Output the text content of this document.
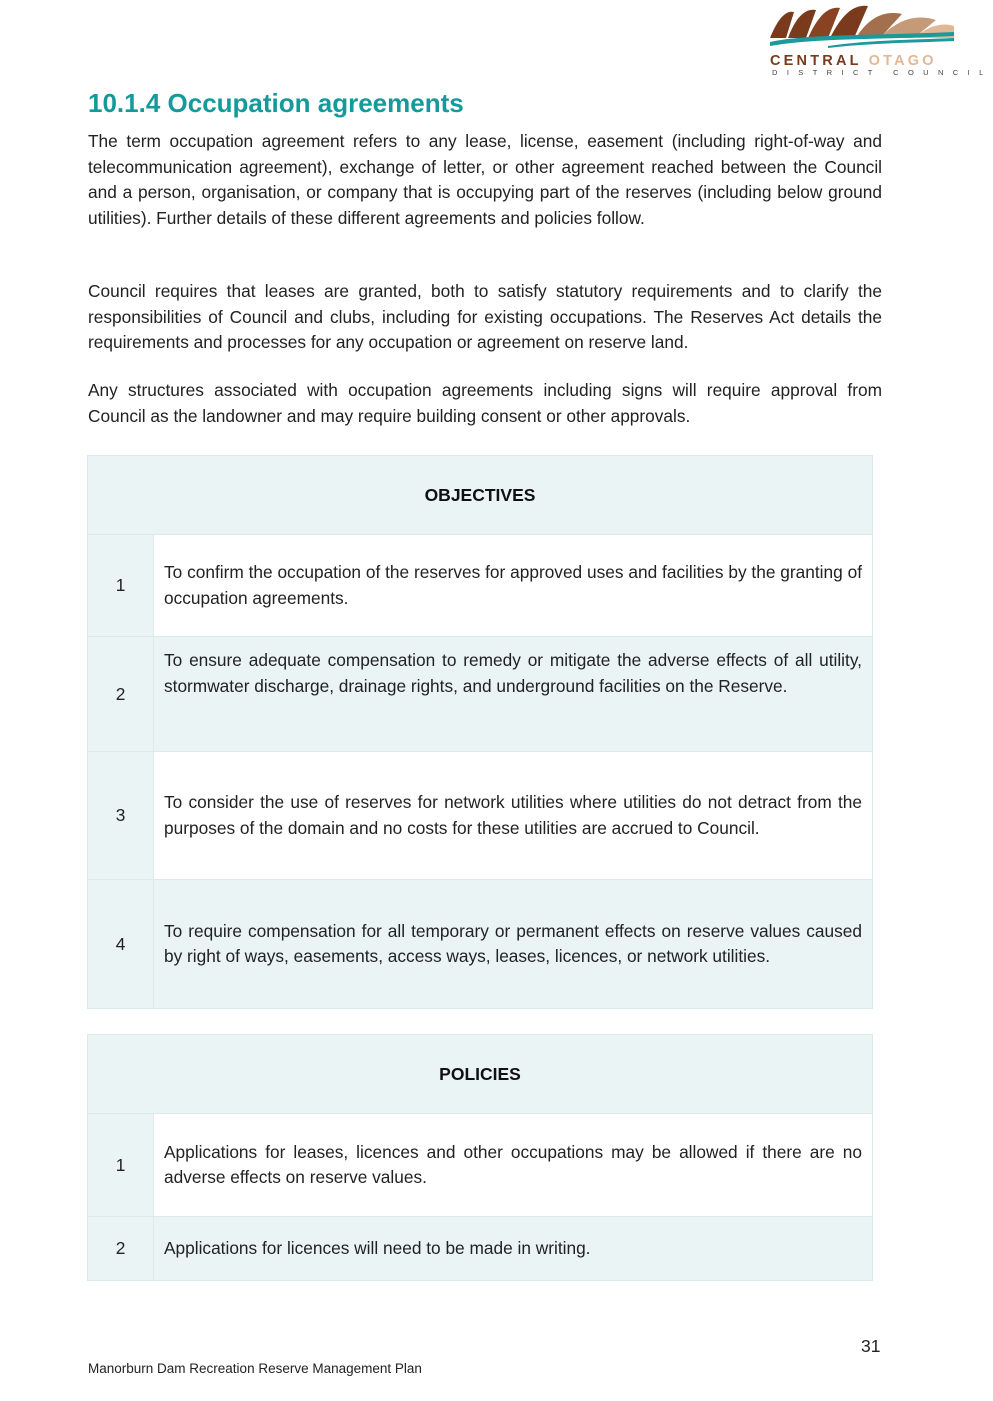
CENTRAL OTAGO
DISTRICT COUNCIL
10.1.4 Occupation agreements

The term occupation agreement refers to any lease, license, easement (including right-of-way and telecommunication agreement), exchange of letter, or other agreement reached between the Council and a person, organisation, or company that is occupying part of the reserves (including below ground utilities). Further details of these different agreements and policies follow.

Council requires that leases are granted, both to satisfy statutory requirements and to clarify the responsibilities of Council and clubs, including for existing occupations. The Reserves Act details the requirements and processes for any occupation or agreement on reserve land.

Any structures associated with occupation agreements including signs will require approval from Council as the landowner and may require building consent or other approvals.

OBJECTIVES	
1	To confirm the occupation of the reserves for approved uses and facilities by the granting of occupation agreements.
2	To ensure adequate compensation to remedy or mitigate the adverse effects of all utility, stormwater discharge, drainage rights, and underground facilities on the Reserve.
3	To consider the use of reserves for network utilities where utilities do not detract from the purposes of the domain and no costs for these utilities are accrued to Council.
4	To require compensation for all temporary or permanent effects on reserve values caused by right of ways, easements, access ways, leases, licences, or network utilities.
POLICIES	
1	Applications for leases, licences and other occupations may be allowed if there are no adverse effects on reserve values.
2	Applications for licences will need to be made in writing.
31
Manorburn Dam Recreation Reserve Management Plan
